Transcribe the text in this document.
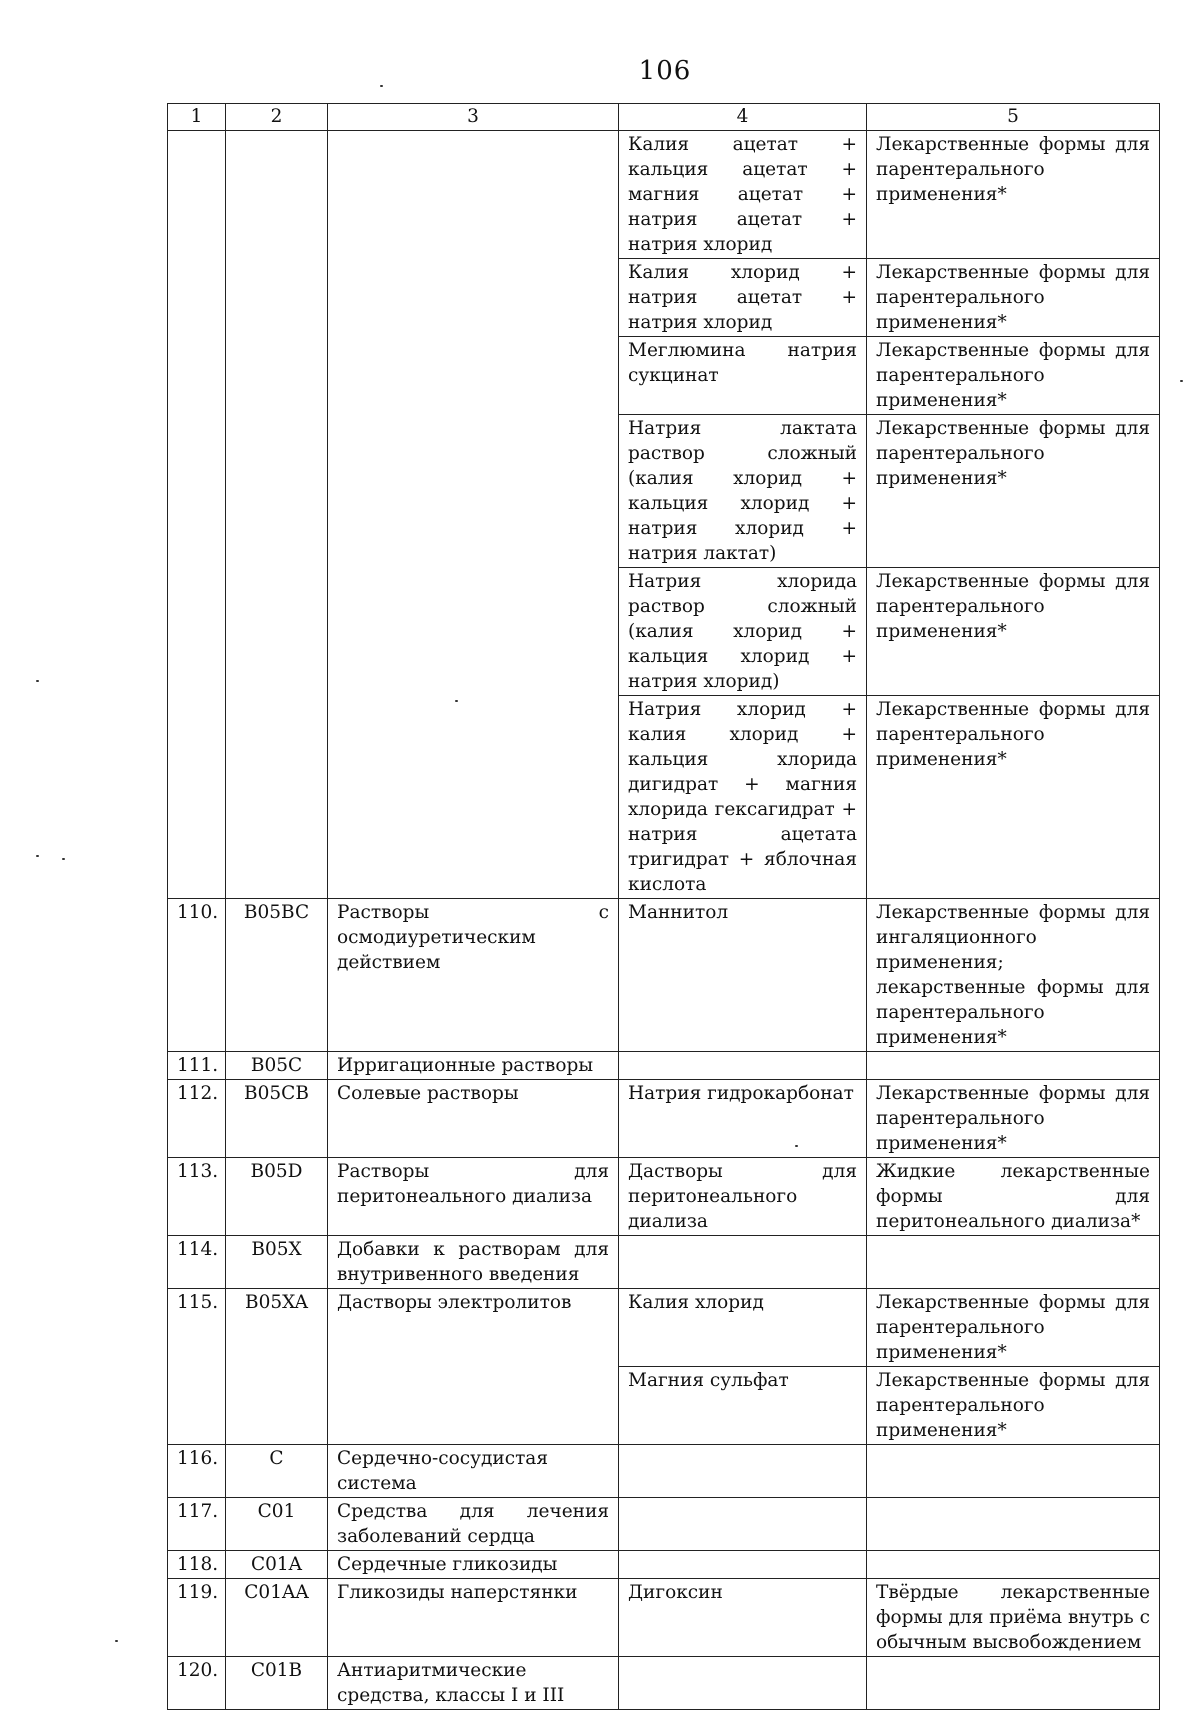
106
1	2	3	4	5
			Калия ацетат + кальция ацетат + магния ацетат + натрия ацетат + натрия хлорид	Лекарственные формы для парентерального применения*
			Калия хлорид + натрия ацетат + натрия хлорид	Лекарственные формы для парентерального применения*
			Меглюмина натрия сукцинат	Лекарственные формы для парентерального применения*
			Натрия лактата раствор сложный (калия хлорид + кальция хлорид + натрия хлорид + натрия лактат)	Лекарственные формы для парентерального применения*
			Натрия хлорида раствор сложный (калия хлорид + кальция хлорид + натрия хлорид)	Лекарственные формы для парентерального применения*
			Натрия хлорид + калия хлорид + кальция хлорида дигидрат + магния хлорида гексагидрат + натрия ацетата тригидрат + яблочная кислота	Лекарственные формы для парентерального применения*
110.	B05BC	Растворы с осмодиуретическим действием	Маннитол	Лекарственные формы для ингаляционного применения; лекарственные формы для парентерального применения*
111.	B05C	Ирригационные растворы		
112.	B05CB	Солевые растворы	Натрия гидрокарбонат	Лекарственные формы для парентерального применения*
113.	B05D	Растворы для перитонеального диализа	Дастворы для перитонеального диализа	Жидкие лекарственные формы для перитонеального диализа*
114.	B05X	Добавки к растворам для внутривенного введения		
115.	B05XA	Дастворы электролитов	Калия хлорид	Лекарственные формы для парентерального применения*
			Магния сульфат	Лекарственные формы для парентерального применения*
116.	C	Сердечно-сосудистая система		
117.	C01	Средства для лечения заболеваний сердца		
118.	C01A	Сердечные гликозиды		
119.	C01AA	Гликозиды наперстянки	Дигоксин	Твёрдые лекарственные формы для приёма внутрь с обычным высвобождением
120.	C01B	Антиаритмические средства, классы I и III		
